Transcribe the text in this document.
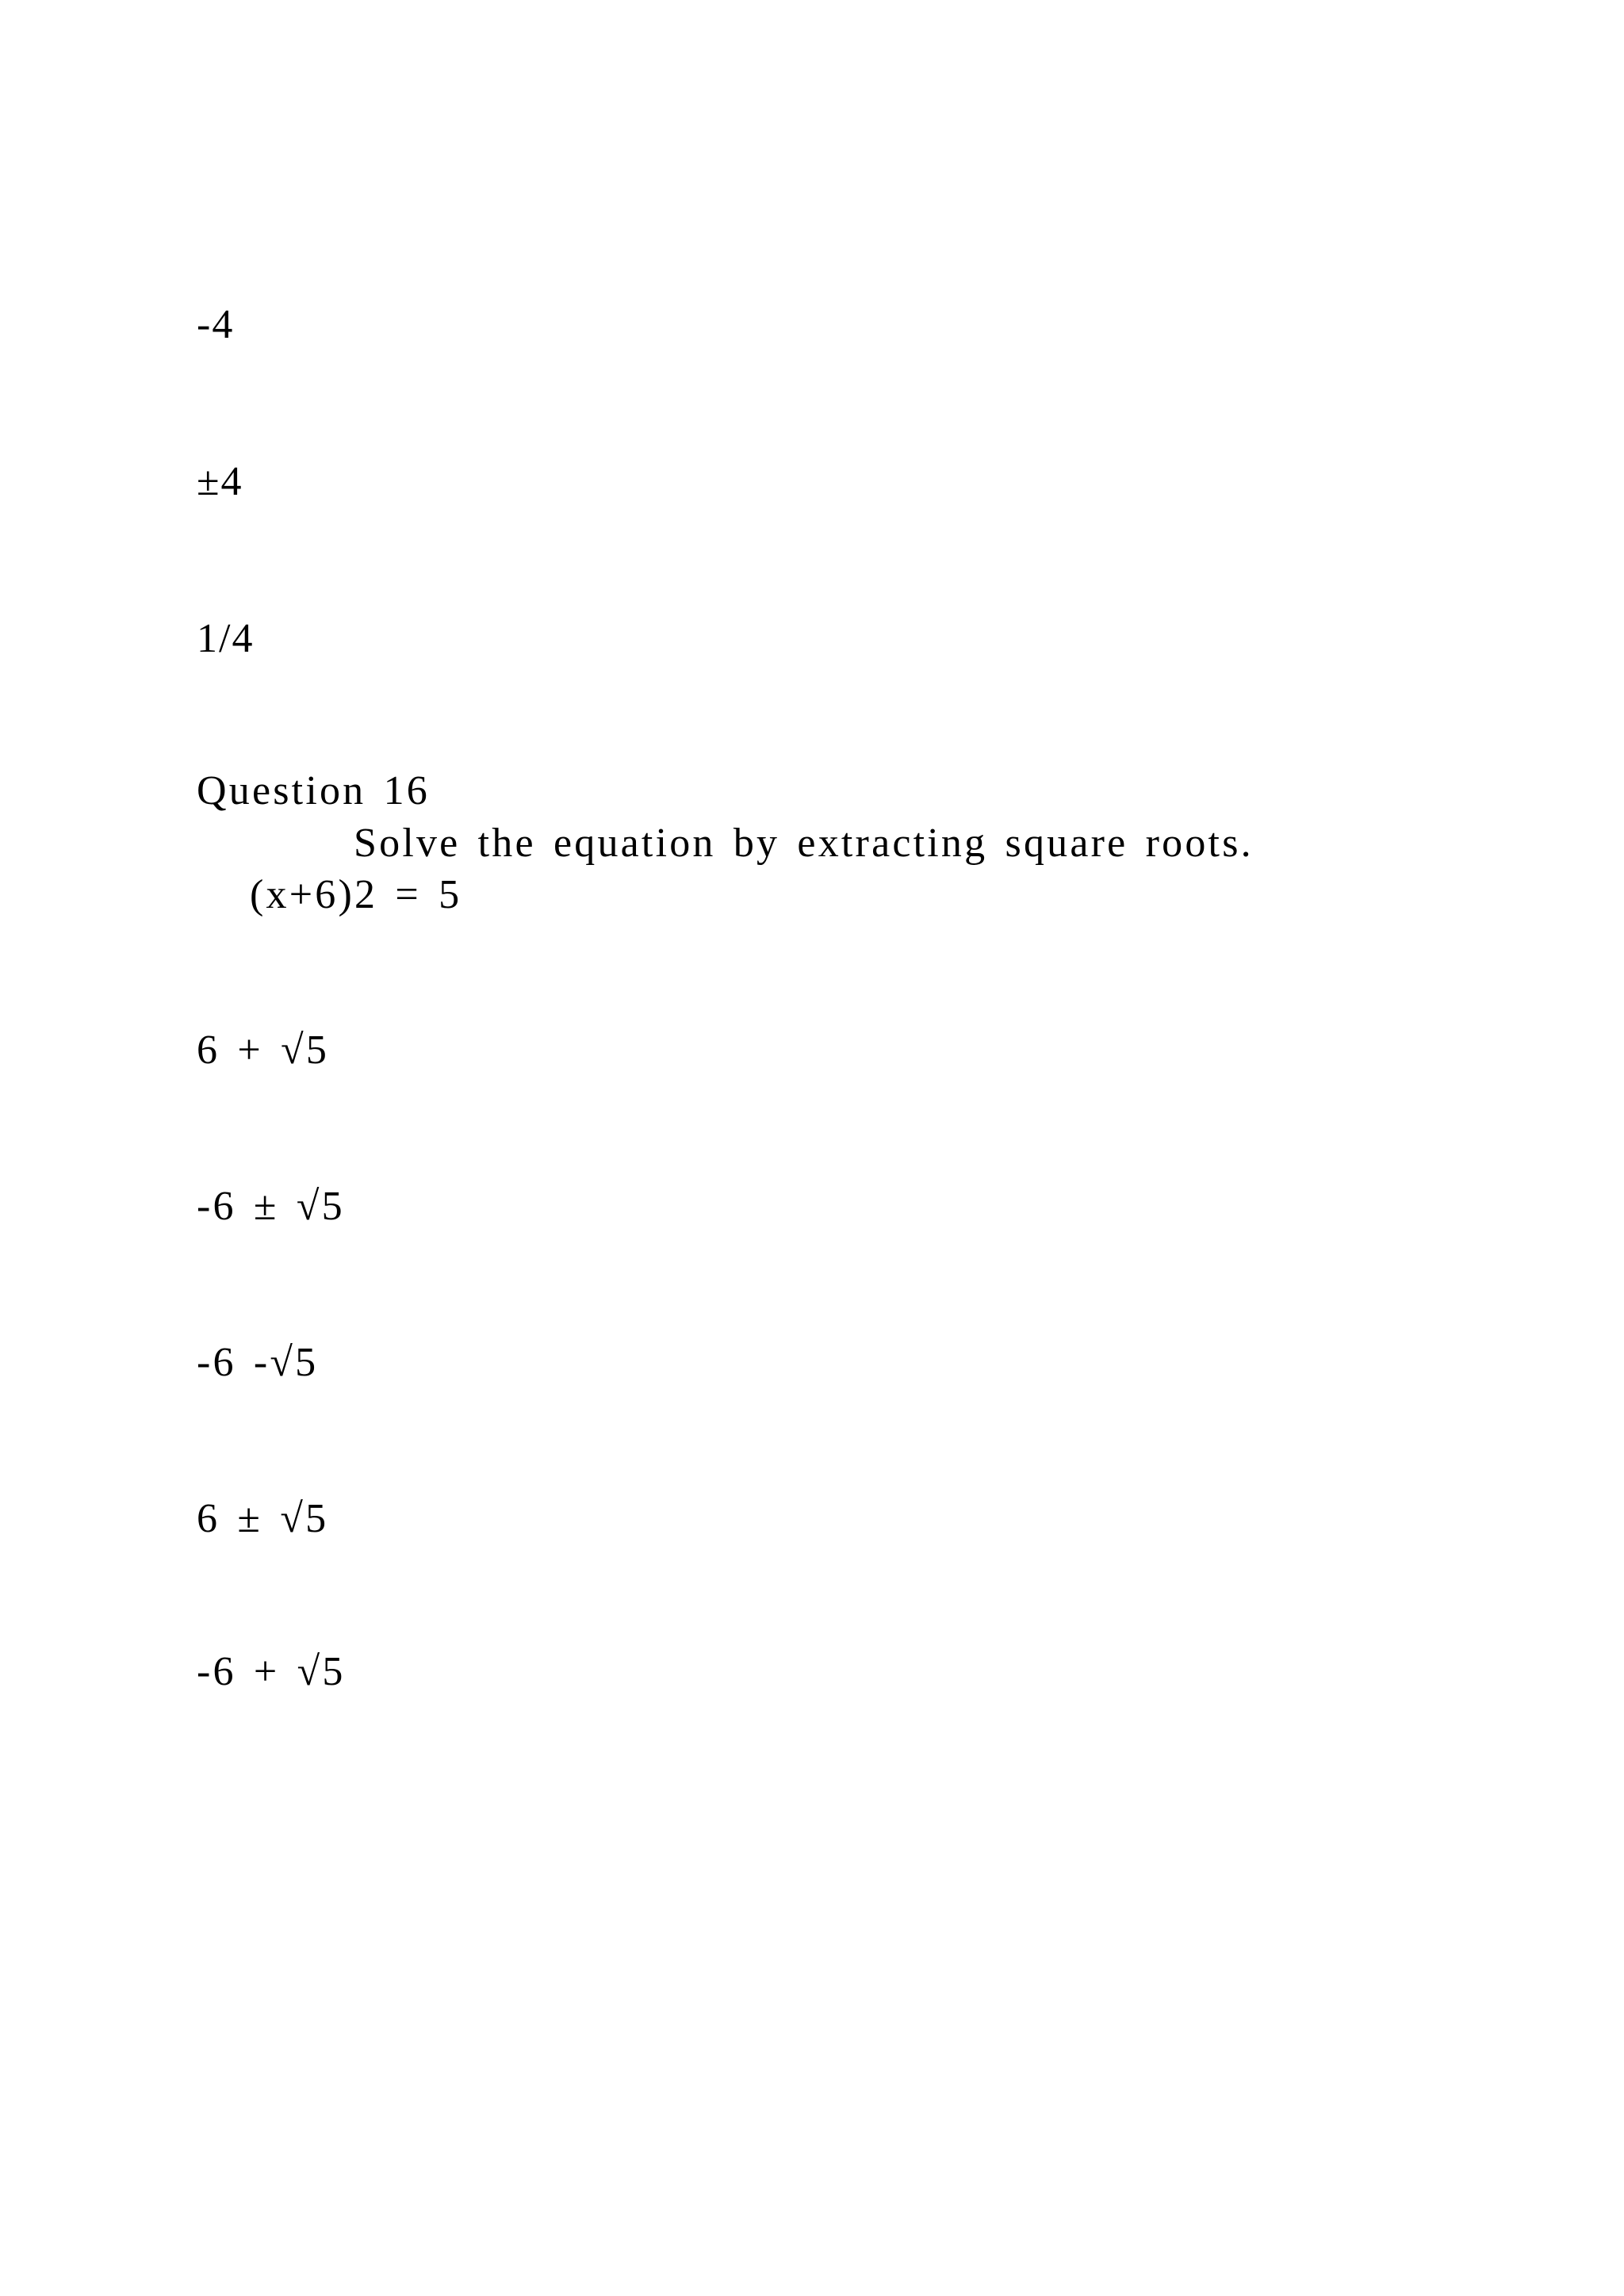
-4
±4
1/4
Question 16
Solve the equation by extracting square roots.
(x+6)2 = 5
6 + √5
-6 ± √5
-6 -√5
6 ± √5
-6 + √5
